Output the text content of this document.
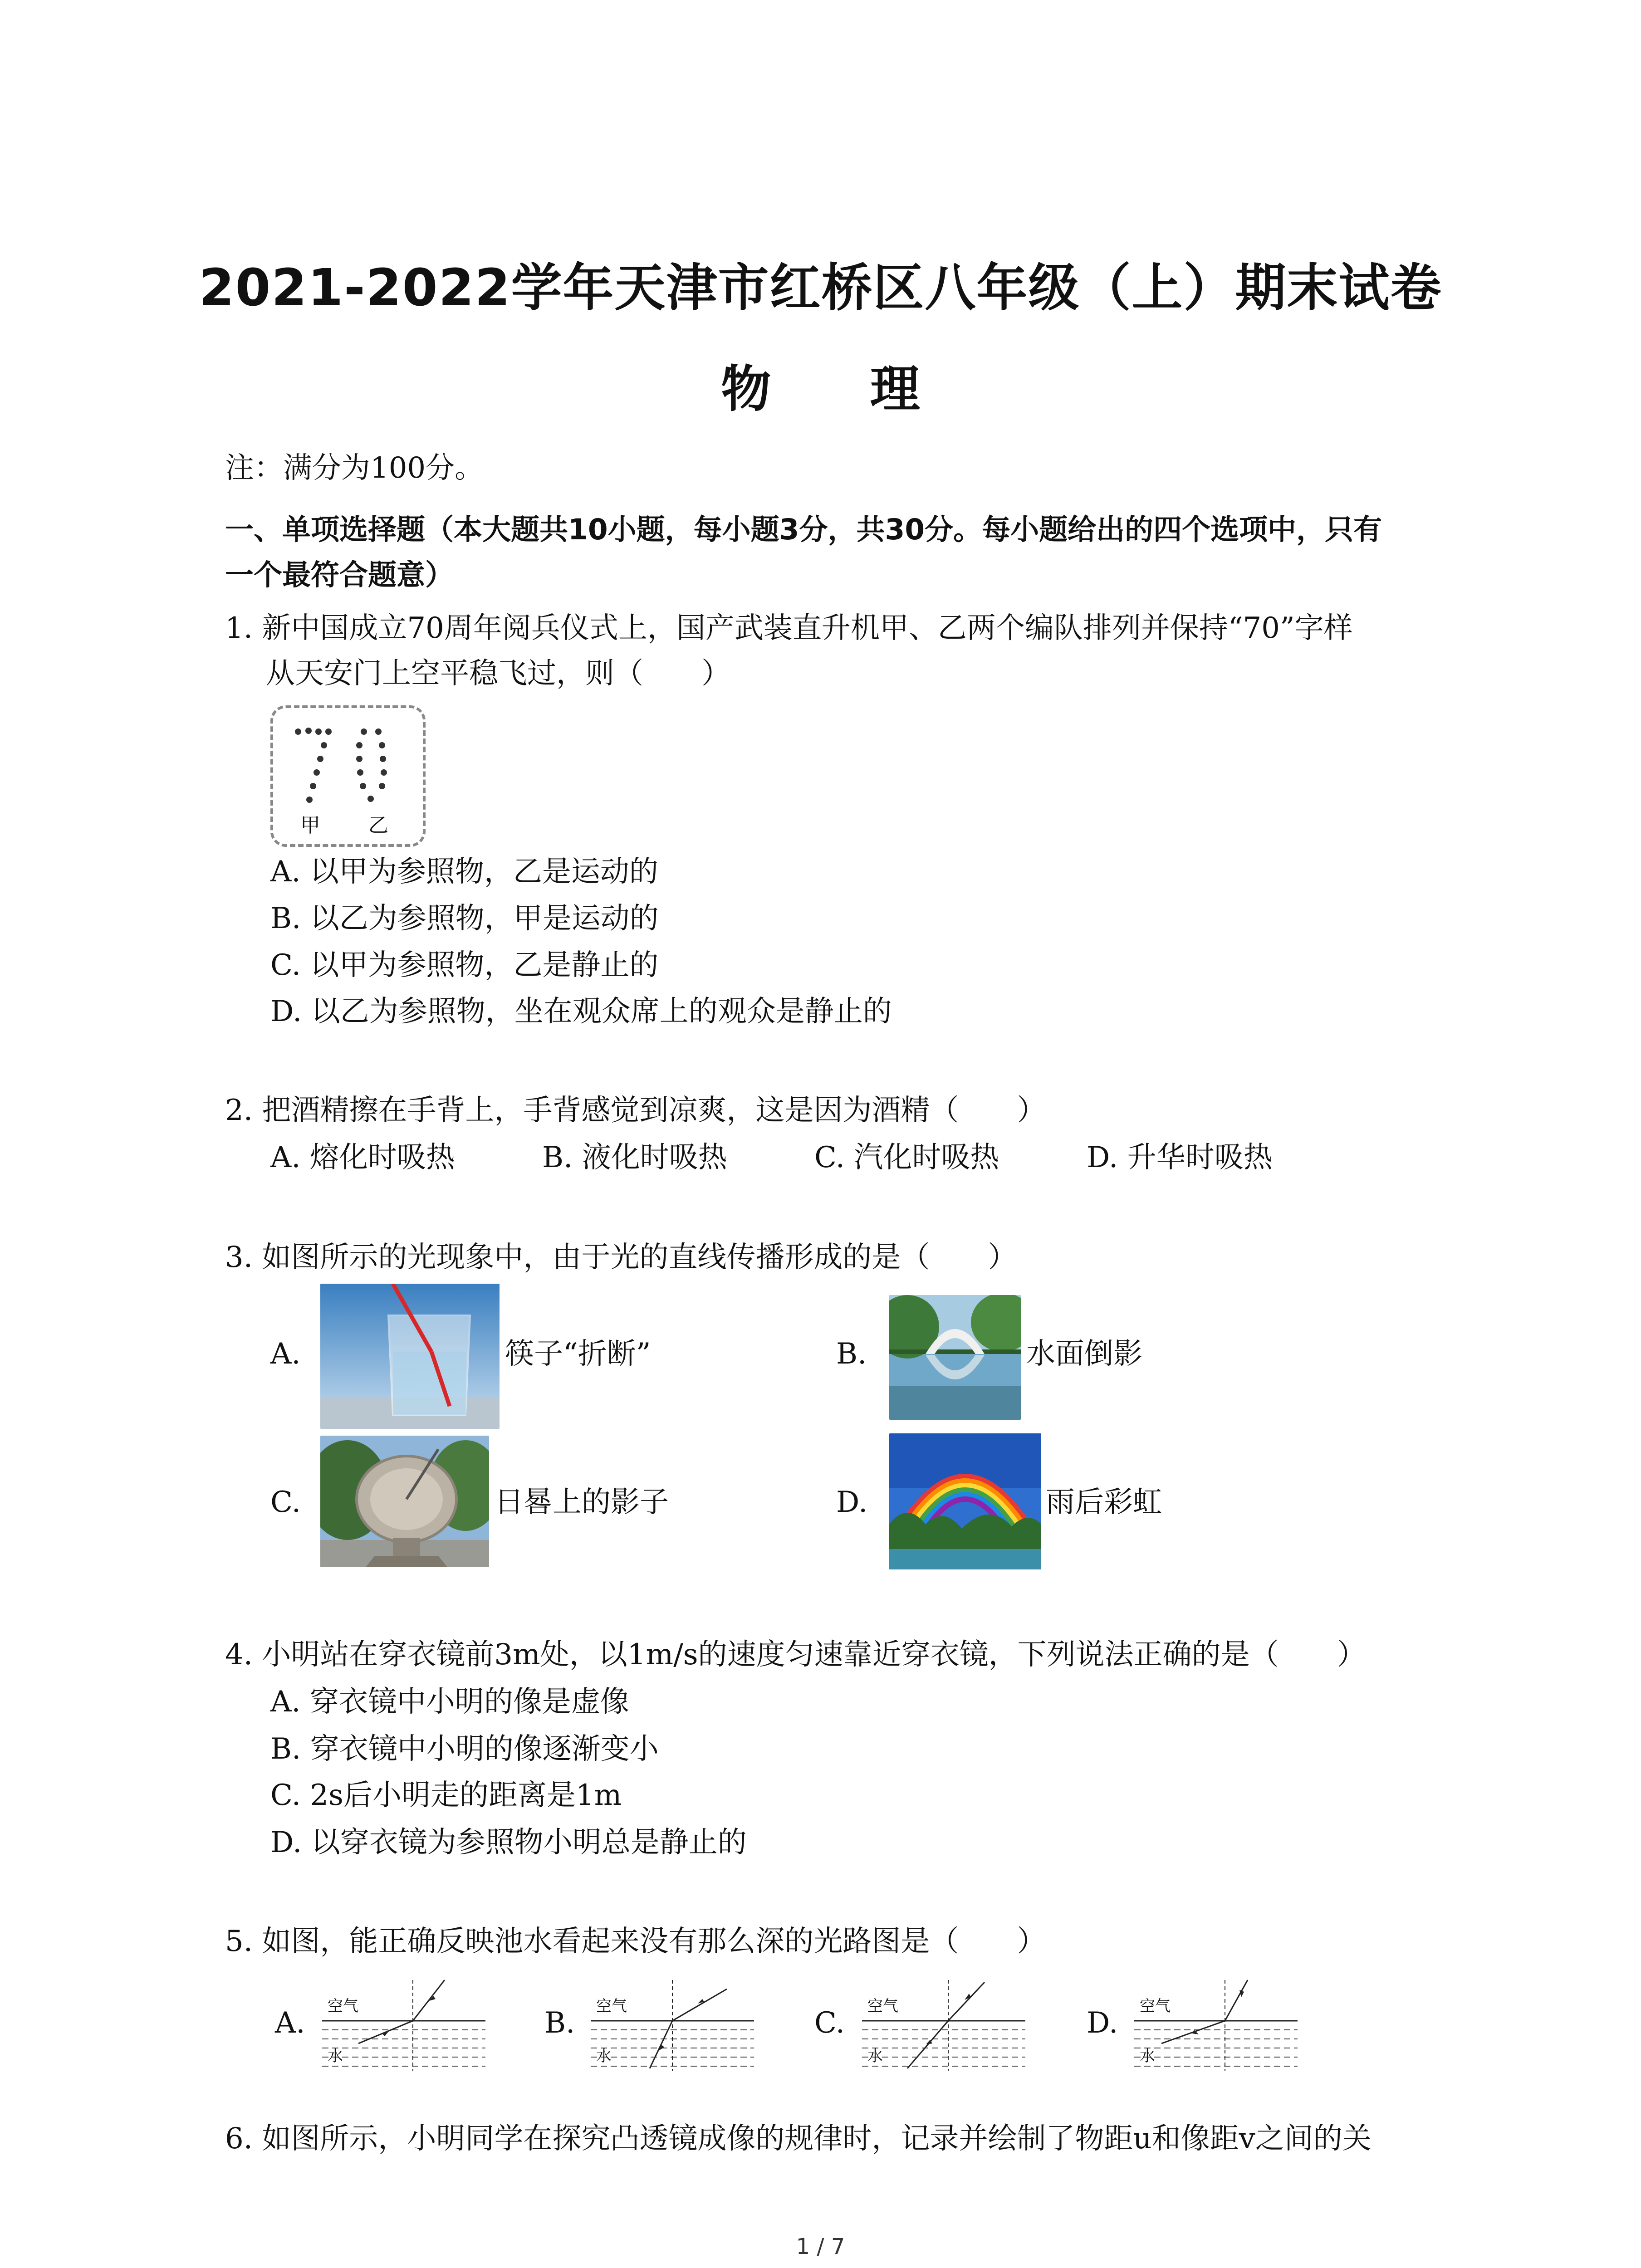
2021-2022学年天津市红桥区八年级（上）期末试卷
物 理
注：满分为100分。
一、单项选择题（本大题共10小题，每小题3分，共30分。每小题给出的四个选项中，只有
一个最符合题意）
1. 新中国成立70周年阅兵仪式上，国产武装直升机甲、乙两个编队排列并保持“70”字样
从天安门上空平稳飞过，则（　　）
甲 乙
A. 以甲为参照物，乙是运动的
B. 以乙为参照物，甲是运动的
C. 以甲为参照物，乙是静止的
D. 以乙为参照物，坐在观众席上的观众是静止的
2. 把酒精擦在手背上，手背感觉到凉爽，这是因为酒精（　　）
A. 熔化时吸热	B. 液化时吸热	C. 汽化时吸热	D. 升华时吸热
3. 如图所示的光现象中，由于光的直线传播形成的是（　　）
A.	筷子“折断”	B.	水面倒影
C.	日晷上的影子	D.	雨后彩虹
4. 小明站在穿衣镜前3m处，以1m/s的速度匀速靠近穿衣镜，下列说法正确的是（　　）
A. 穿衣镜中小明的像是虚像
B. 穿衣镜中小明的像逐渐变小
C. 2s后小明走的距离是1m
D. 以穿衣镜为参照物小明总是静止的
5. 如图，能正确反映池水看起来没有那么深的光路图是（　　）
A. 空气
水
B. 空气
水
C. 空气
水
D. 空气
水
6. 如图所示，小明同学在探究凸透镜成像的规律时，记录并绘制了物距u和像距v之间的关
1 / 7
